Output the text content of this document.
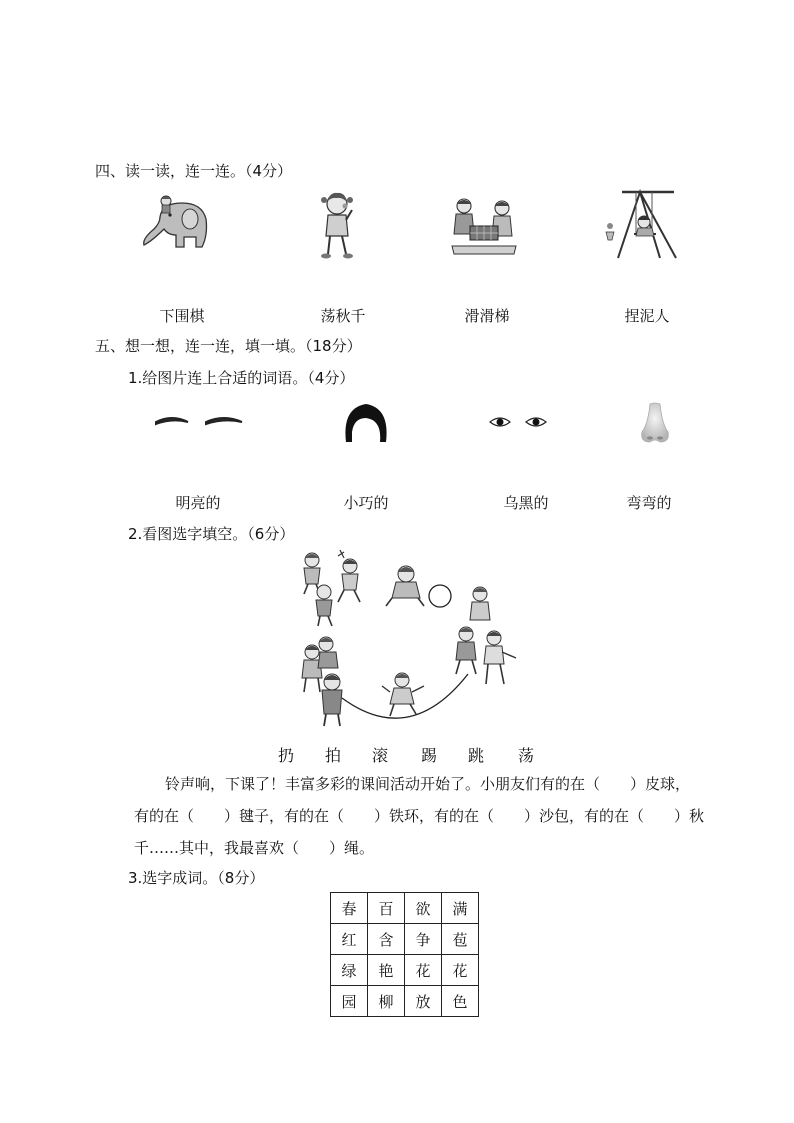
四、读一读，连一连。（4分）
下围棋	荡秋千	滑滑梯	捏泥人
五、想一想，连一连，填一填。（18分）
1.给图片连上合适的词语。（4分）
明亮的	小巧的	乌黑的	弯弯的
2.看图选字填空。（6分）
扔	拍	滚	踢	跳	荡
铃声响，下课了！丰富多彩的课间活动开始了。小朋友们有的在（　　）皮球，
有的在（　　）毽子，有的在（　　）铁环，有的在（　　）沙包，有的在（　　）秋
千……其中，我最喜欢（　　）绳。
3.选字成词。（8分）
春	百	欲	满
红	含	争	苞
绿	艳	花	花
园	柳	放	色
